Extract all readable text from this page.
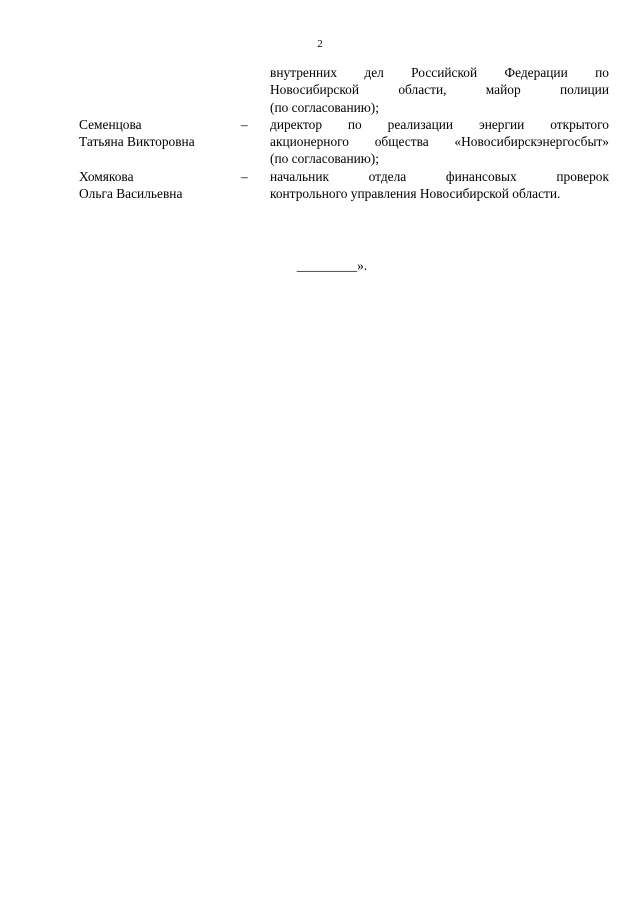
2
внутренних дел Российской Федерации по
Новосибирской области, майор полиции
(по согласованию);
Семенцова
Татьяна Викторовна
–	директор по реализации энергии открытого
акционерного общества «Новосибирскэнергосбыт»
(по согласованию);
Хомякова
Ольга Васильевна
–	начальник отдела финансовых проверок
контрольного управления Новосибирской области.
_________».
